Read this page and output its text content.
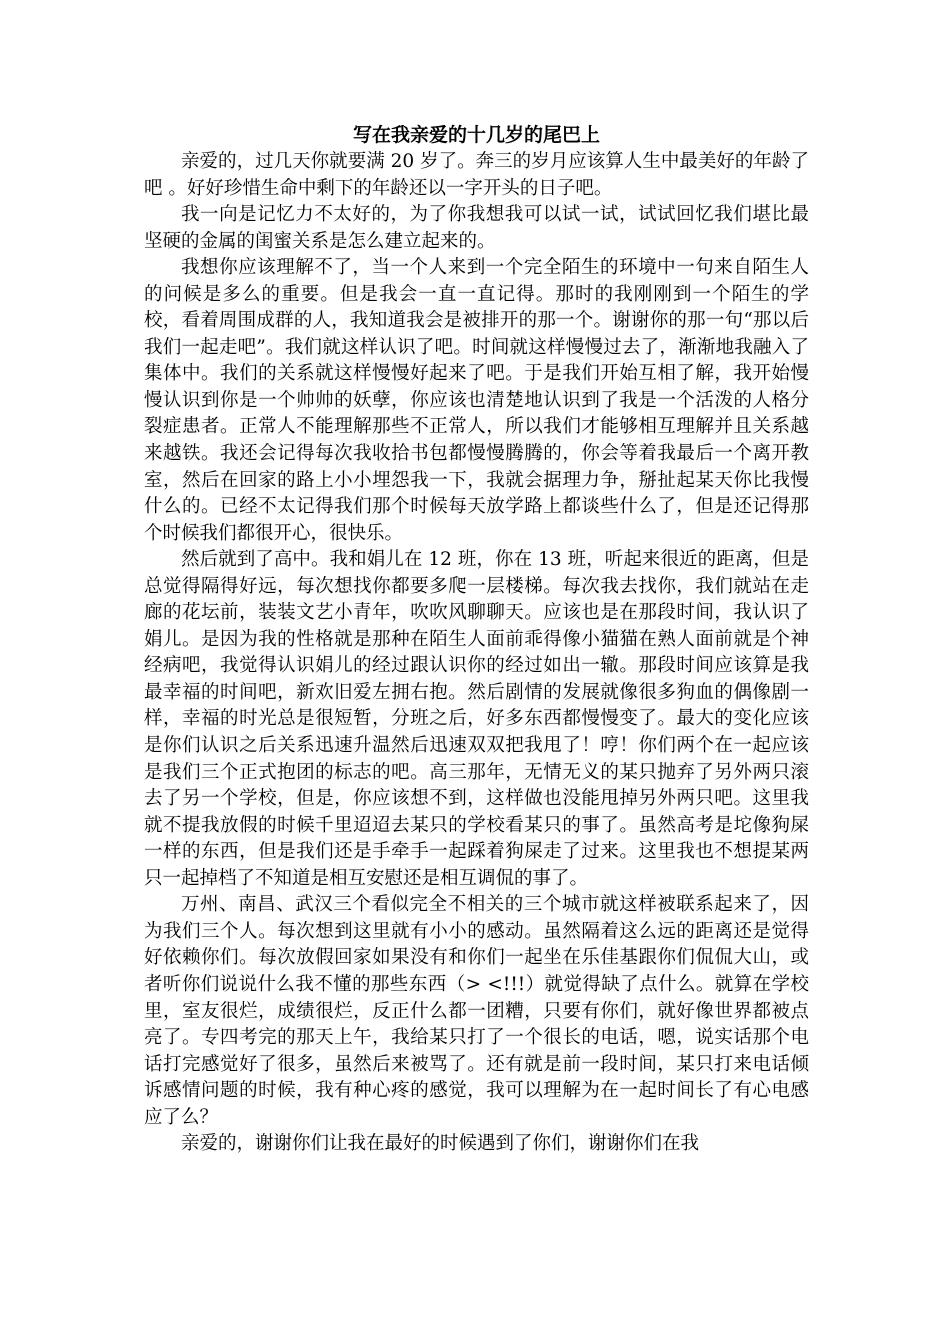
写在我亲爱的十几岁的尾巴上

亲爱的，过几天你就要满 20 岁了。奔三的岁月应该算人生中最美好的年龄了吧 。好好珍惜生命中剩下的年龄还以一字开头的日子吧。

我一向是记忆力不太好的，为了你我想我可以试一试，试试回忆我们堪比最坚硬的金属的闺蜜关系是怎么建立起来的。

我想你应该理解不了，当一个人来到一个完全陌生的环境中一句来自陌生人的问候是多么的重要。但是我会一直一直记得。那时的我刚刚到一个陌生的学校，看着周围成群的人，我知道我会是被排开的那一个。谢谢你的那一句“那以后我们一起走吧”。我们就这样认识了吧。时间就这样慢慢过去了，渐渐地我融入了集体中。我们的关系就这样慢慢好起来了吧。于是我们开始互相了解，我开始慢慢认识到你是一个帅帅的妖孽，你应该也清楚地认识到了我是一个活泼的人格分裂症患者。正常人不能理解那些不正常人，所以我们才能够相互理解并且关系越来越铁。我还会记得每次我收拾书包都慢慢腾腾的，你会等着我最后一个离开教室，然后在回家的路上小小埋怨我一下，我就会据理力争，掰扯起某天你比我慢什么的。已经不太记得我们那个时候每天放学路上都谈些什么了，但是还记得那个时候我们都很开心，很快乐。

然后就到了高中。我和娟儿在 12 班，你在 13 班，听起来很近的距离，但是总觉得隔得好远，每次想找你都要多爬一层楼梯。每次我去找你，我们就站在走廊的花坛前，装装文艺小青年，吹吹风聊聊天。应该也是在那段时间，我认识了娟儿。是因为我的性格就是那种在陌生人面前乖得像小猫猫在熟人面前就是个神经病吧，我觉得认识娟儿的经过跟认识你的经过如出一辙。那段时间应该算是我最幸福的时间吧，新欢旧爱左拥右抱。然后剧情的发展就像很多狗血的偶像剧一样，幸福的时光总是很短暂，分班之后，好多东西都慢慢变了。最大的变化应该是你们认识之后关系迅速升温然后迅速双双把我甩了！哼！你们两个在一起应该是我们三个正式抱团的标志的吧。高三那年，无情无义的某只抛弃了另外两只滚去了另一个学校，但是，你应该想不到，这样做也没能甩掉另外两只吧。这里我就不提我放假的时候千里迢迢去某只的学校看某只的事了。虽然高考是坨像狗屎一样的东西，但是我们还是手牵手一起踩着狗屎走了过来。这里我也不想提某两只一起掉档了不知道是相互安慰还是相互调侃的事了。

万州、南昌、武汉三个看似完全不相关的三个城市就这样被联系起来了，因为我们三个人。每次想到这里就有小小的感动。虽然隔着这么远的距离还是觉得好依赖你们。每次放假回家如果没有和你们一起坐在乐佳基跟你们侃侃大山，或者听你们说说什么我不懂的那些东西（> <!!!）就觉得缺了点什么。就算在学校里，室友很烂，成绩很烂，反正什么都一团糟，只要有你们，就好像世界都被点亮了。专四考完的那天上午，我给某只打了一个很长的电话，嗯，说实话那个电话打完感觉好了很多，虽然后来被骂了。还有就是前一段时间，某只打来电话倾诉感情问题的时候，我有种心疼的感觉，我可以理解为在一起时间长了有心电感应了么？

亲爱的，谢谢你们让我在最好的时候遇到了你们，谢谢你们在我
